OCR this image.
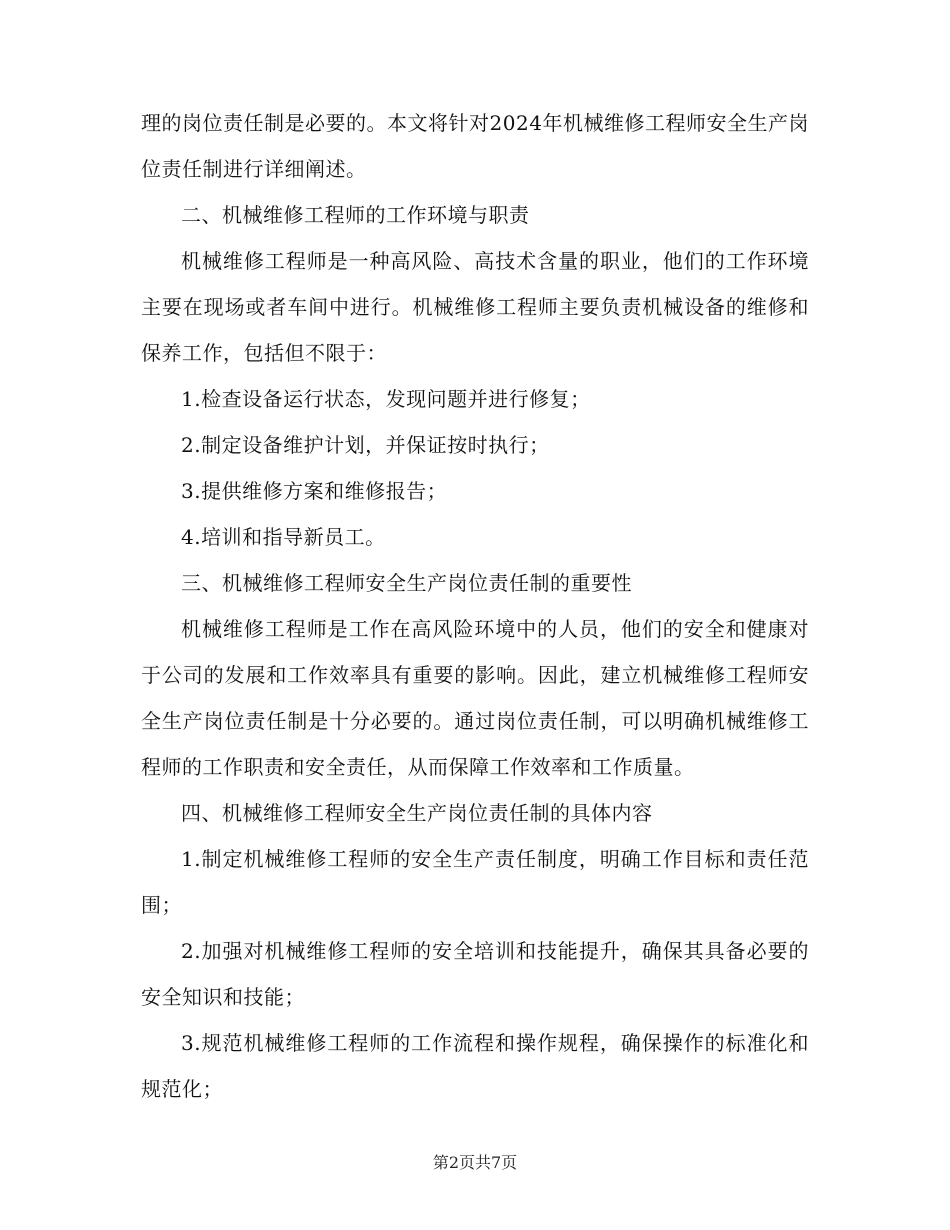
理的岗位责任制是必要的。本文将针对2024年机械维修工程师安全生产岗位责任制进行详细阐述。

二、机械维修工程师的工作环境与职责

机械维修工程师是一种高风险、高技术含量的职业，他们的工作环境主要在现场或者车间中进行。机械维修工程师主要负责机械设备的维修和保养工作，包括但不限于：

1.检查设备运行状态，发现问题并进行修复；

2.制定设备维护计划，并保证按时执行；

3.提供维修方案和维修报告；

4.培训和指导新员工。

三、机械维修工程师安全生产岗位责任制的重要性

机械维修工程师是工作在高风险环境中的人员，他们的安全和健康对于公司的发展和工作效率具有重要的影响。因此，建立机械维修工程师安全生产岗位责任制是十分必要的。通过岗位责任制，可以明确机械维修工程师的工作职责和安全责任，从而保障工作效率和工作质量。

四、机械维修工程师安全生产岗位责任制的具体内容

1.制定机械维修工程师的安全生产责任制度，明确工作目标和责任范围；

2.加强对机械维修工程师的安全培训和技能提升，确保其具备必要的安全知识和技能；

3.规范机械维修工程师的工作流程和操作规程，确保操作的标准化和规范化；

第2页共7页
